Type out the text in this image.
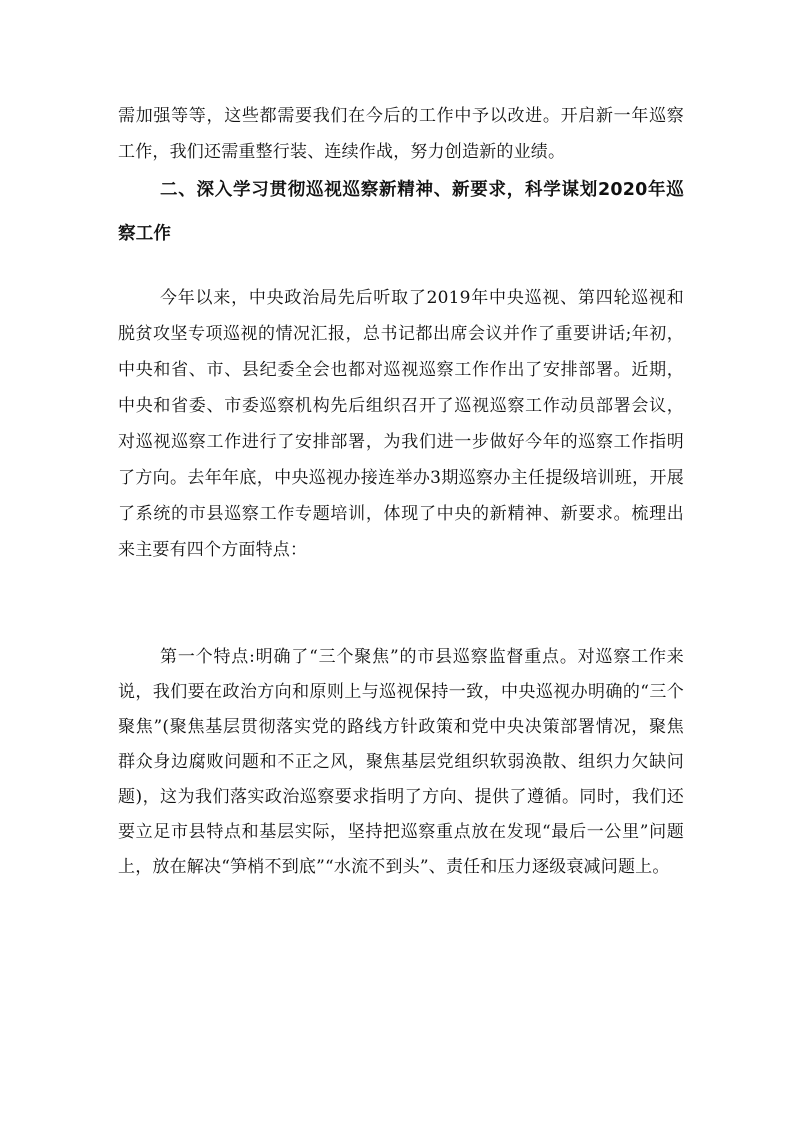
需加强等等，这些都需要我们在今后的工作中予以改进。开启新一年巡察工作，我们还需重整行装、连续作战，努力创造新的业绩。

二、深入学习贯彻巡视巡察新精神、新要求，科学谋划2020年巡察工作

今年以来，中央政治局先后听取了2019年中央巡视、第四轮巡视和脱贫攻坚专项巡视的情况汇报，总书记都出席会议并作了重要讲话;年初，中央和省、市、县纪委全会也都对巡视巡察工作作出了安排部署。近期，中央和省委、市委巡察机构先后组织召开了巡视巡察工作动员部署会议，对巡视巡察工作进行了安排部署，为我们进一步做好今年的巡察工作指明了方向。去年年底，中央巡视办接连举办3期巡察办主任提级培训班，开展了系统的市县巡察工作专题培训，体现了中央的新精神、新要求。梳理出来主要有四个方面特点：

第一个特点:明确了“三个聚焦”的市县巡察监督重点。对巡察工作来说，我们要在政治方向和原则上与巡视保持一致，中央巡视办明确的“三个聚焦”(聚焦基层贯彻落实党的路线方针政策和党中央决策部署情况，聚焦群众身边腐败问题和不正之风，聚焦基层党组织软弱涣散、组织力欠缺问题)，这为我们落实政治巡察要求指明了方向、提供了遵循。同时，我们还要立足市县特点和基层实际，坚持把巡察重点放在发现“最后一公里”问题上，放在解决“笋梢不到底”“水流不到头”、责任和压力逐级衰减问题上。
